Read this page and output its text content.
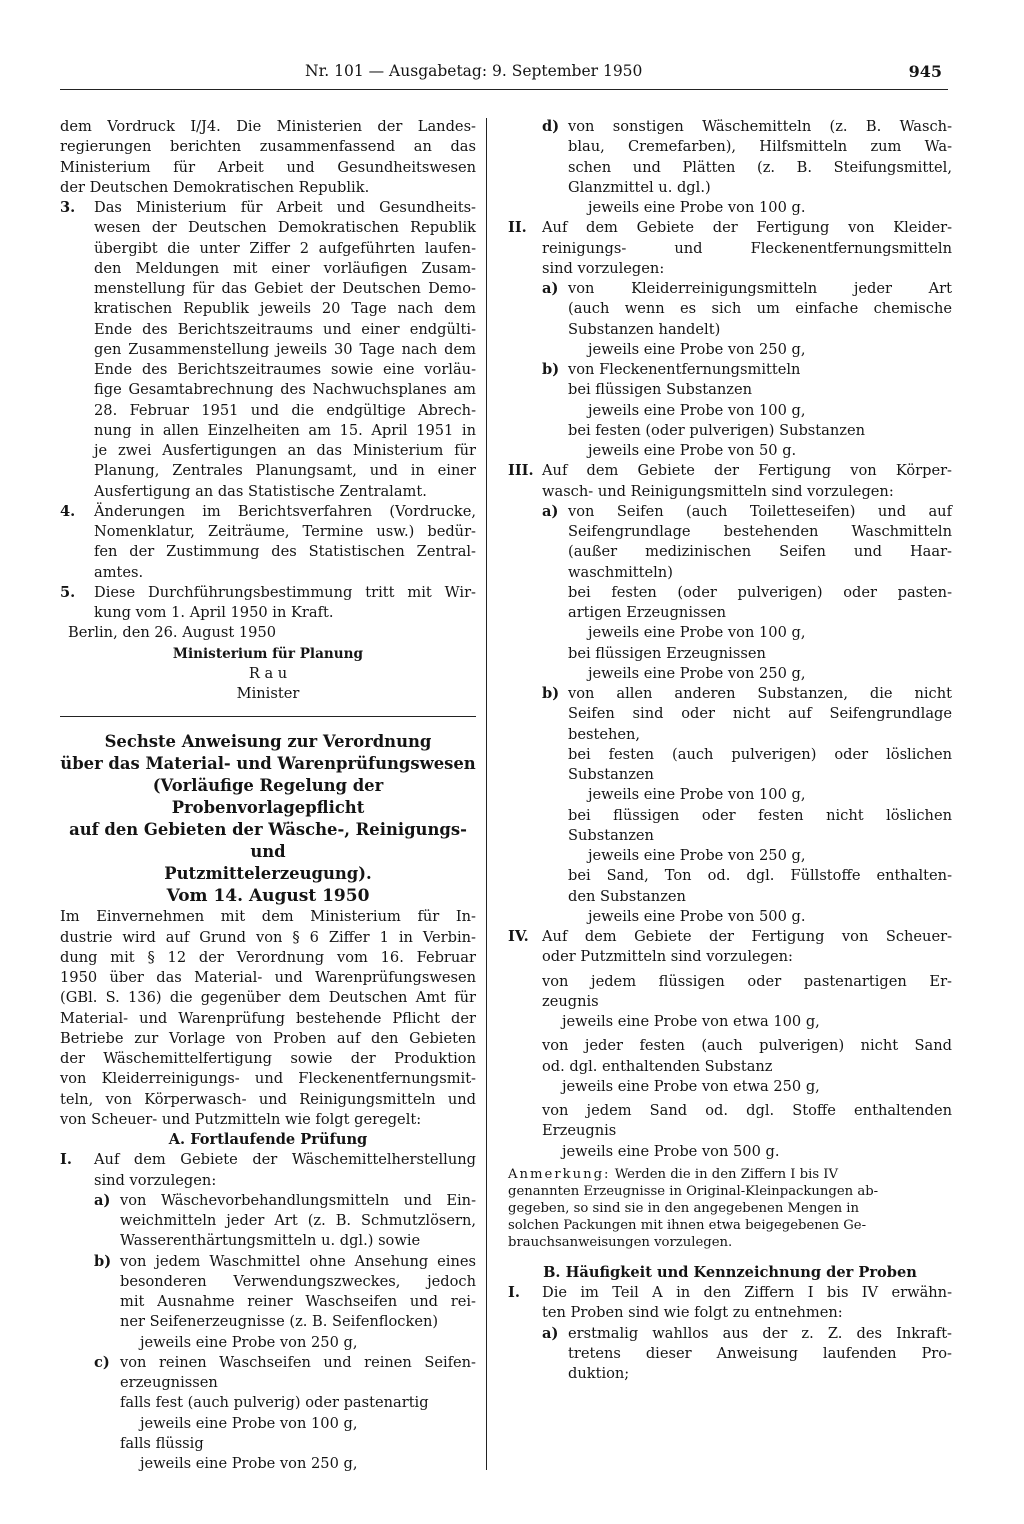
Nr. 101 — Ausgabetag: 9. September 1950	945
dem Vordruck I/J4. Die Ministerien der Landes-
regierungen berichten zusammenfassend an das
Ministerium für Arbeit und Gesundheitswesen
der Deutschen Demokratischen Republik.
3.	Das Ministerium für Arbeit und Gesundheits-
wesen der Deutschen Demokratischen Republik
übergibt die unter Ziffer 2 aufgeführten laufen-
den Meldungen mit einer vorläufigen Zusam-
menstellung für das Gebiet der Deutschen Demo-
kratischen Republik jeweils 20 Tage nach dem
Ende des Berichtszeitraums und einer endgülti-
gen Zusammenstellung jeweils 30 Tage nach dem
Ende des Berichtszeitraumes sowie eine vorläu-
fige Gesamtabrechnung des Nachwuchsplanes am
28. Februar 1951 und die endgültige Abrech-
nung in allen Einzelheiten am 15. April 1951 in
je zwei Ausfertigungen an das Ministerium für
Planung, Zentrales Planungsamt, und in einer
Ausfertigung an das Statistische Zentralamt.
4.	Änderungen im Berichtsverfahren (Vordrucke,
Nomenklatur, Zeiträume, Termine usw.) bedür-
fen der Zustimmung des Statistischen Zentral-
amtes.
5.	Diese Durchführungsbestimmung tritt mit Wir-
kung vom 1. April 1950 in Kraft.

Berlin, den 26. August 1950

Ministerium für Planung

R a u

Minister

Sechste Anweisung zur Verordnung
über das Material- und Warenprüfungswesen
(Vorläufige Regelung der Probenvorlagepflicht
auf den Gebieten der Wäsche-, Reinigungs- und
Putzmittelerzeugung).

Vom 14. August 1950

Im Einvernehmen mit dem Ministerium für In-
dustrie wird auf Grund von § 6 Ziffer 1 in Verbin-
dung mit § 12 der Verordnung vom 16. Februar
1950 über das Material- und Warenprüfungswesen
(GBl. S. 136) die gegenüber dem Deutschen Amt für
Material- und Warenprüfung bestehende Pflicht der
Betriebe zur Vorlage von Proben auf den Gebieten
der Wäschemittelfertigung sowie der Produktion
von Kleiderreinigungs- und Fleckenentfernungsmit-
teln, von Körperwasch- und Reinigungsmitteln und
von Scheuer- und Putzmitteln wie folgt geregelt:

A. Fortlaufende Prüfung

I.	Auf dem Gebiete der Wäschemittelherstellung
sind vorzulegen:
a) von Wäschevorbehandlungsmitteln und Ein-
weichmitteln jeder Art (z. B. Schmutzlösern,
Wasserenthärtungsmitteln u. dgl.) sowie
b) von jedem Waschmittel ohne Ansehung eines
besonderen Verwendungszweckes, jedoch
mit Ausnahme reiner Waschseifen und rei-
ner Seifenerzeugnisse (z. B. Seifenflocken)

jeweils eine Probe von 250 g,

c) von reinen Waschseifen und reinen Seifen-
erzeugnissen

falls fest (auch pulverig) oder pastenartig

jeweils eine Probe von 100 g,

falls flüssig

jeweils eine Probe von 250 g,

d) von sonstigen Wäschemitteln (z. B. Wasch-
blau, Cremefarben), Hilfsmitteln zum Wa-
schen und Plätten (z. B. Steifungsmittel,
Glanzmittel u. dgl.)

jeweils eine Probe von 100 g.

II.	Auf dem Gebiete der Fertigung von Kleider-
reinigungs- und Fleckenentfernungsmitteln
sind vorzulegen:
a) von Kleiderreinigungsmitteln jeder Art
(auch wenn es sich um einfache chemische
Substanzen handelt)

jeweils eine Probe von 250 g,

b) von Fleckenentfernungsmitteln

bei flüssigen Substanzen

jeweils eine Probe von 100 g,

bei festen (oder pulverigen) Substanzen

jeweils eine Probe von 50 g.

III. Auf dem Gebiete der Fertigung von Körper-
wasch- und Reinigungsmitteln sind vorzulegen:
a) von Seifen (auch Toiletteseifen) und auf
Seifengrundlage bestehenden Waschmitteln
(außer medizinischen Seifen und Haar-
waschmitteln)
bei festen (oder pulverigen) oder pasten-
artigen Erzeugnissen

jeweils eine Probe von 100 g,

bei flüssigen Erzeugnissen

jeweils eine Probe von 250 g,

b) von allen anderen Substanzen, die nicht
Seifen sind oder nicht auf Seifengrundlage
bestehen,
bei festen (auch pulverigen) oder löslichen
Substanzen

jeweils eine Probe von 100 g,

bei flüssigen oder festen nicht löslichen
Substanzen

jeweils eine Probe von 250 g,

bei Sand, Ton od. dgl. Füllstoffe enthalten-
den Substanzen

jeweils eine Probe von 500 g.

IV. Auf dem Gebiete der Fertigung von Scheuer-
oder Putzmitteln sind vorzulegen:
von jedem flüssigen oder pastenartigen Er-
zeugnis

jeweils eine Probe von etwa 100 g,

von jeder festen (auch pulverigen) nicht Sand
od. dgl. enthaltenden Substanz

jeweils eine Probe von etwa 250 g,

von jedem Sand od. dgl. Stoffe enthaltenden
Erzeugnis

jeweils eine Probe von 500 g.

Anmerkung: Werden die in den Ziffern I bis IV
genannten Erzeugnisse in Original-Kleinpackungen ab-
gegeben, so sind sie in den angegebenen Mengen in
solchen Packungen mit ihnen etwa beigegebenen Ge-
brauchsanweisungen vorzulegen.

B. Häufigkeit und Kennzeichnung der Proben

I.	Die im Teil A in den Ziffern I bis IV erwähn-
ten Proben sind wie folgt zu entnehmen:
a) erstmalig wahllos aus der z. Z. des Inkraft-
tretens dieser Anweisung laufenden Pro-
duktion;
